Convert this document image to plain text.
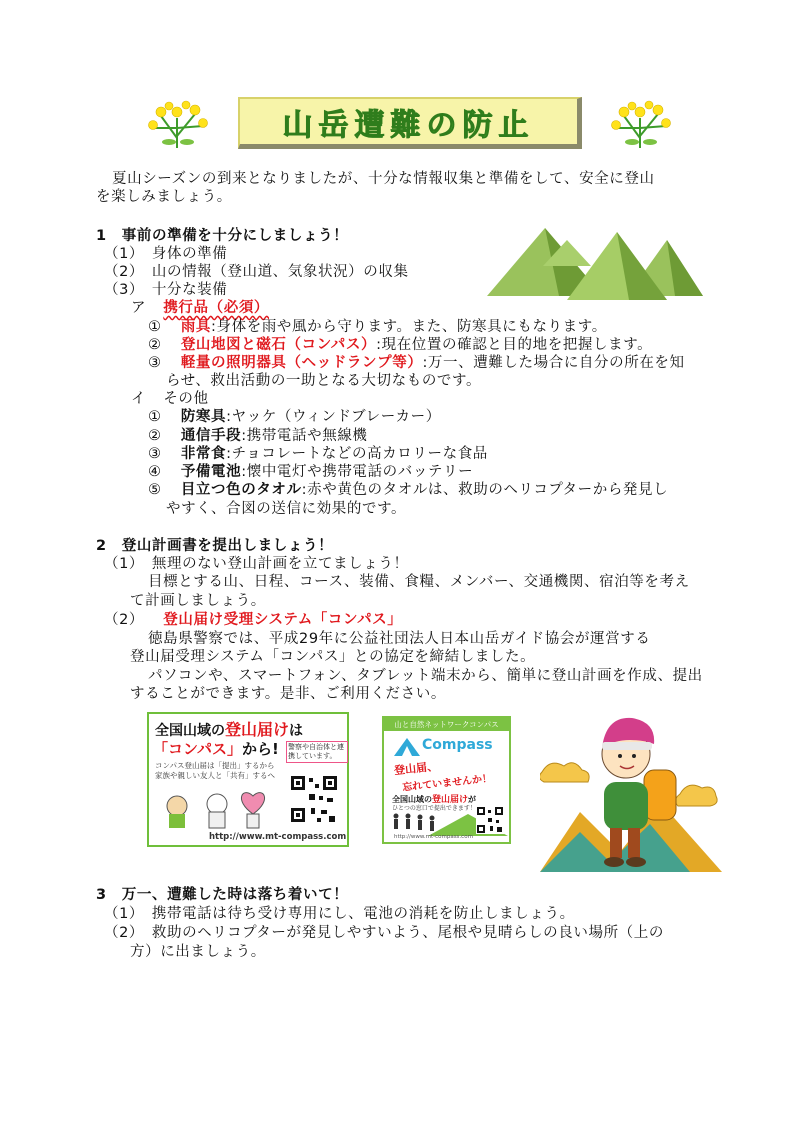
山岳遭難の防止
夏山シーズンの到来となりましたが、十分な情報収集と準備をして、安全に登山
を楽しみましょう。
1　事前の準備を十分にしましょう！
（1）　身体の準備
（2）　山の情報（登山道、気象状況）の収集
（3）　十分な装備
ア 携行品（必須）
① 雨具:身体を雨や風から守ります。また、防寒具にもなります。
② 登山地図と磁石（コンパス）:現在位置の確認と目的地を把握します。
③ 軽量の照明器具（ヘッドランプ等）:万一、遭難した場合に自分の所在を知
らせ、救出活動の一助となる大切なものです。
イ その他
① 防寒具:ヤッケ（ウィンドブレーカー）
② 通信手段:携帯電話や無線機
③ 非常食:チョコレートなどの高カロリーな食品
④ 予備電池:懐中電灯や携帯電話のバッテリー
⑤ 目立つ色のタオル:赤や黄色のタオルは、救助のヘリコプターから発見し
やすく、合図の送信に効果的です。
2　登山計画書を提出しましょう！
（1）　無理のない登山計画を立てましょう！
目標とする山、日程、コース、装備、食糧、メンバー、交通機関、宿泊等を考え
て計画しましょう。
（2） 登山届け受理システム「コンパス」
徳島県警察では、平成29年に公益社団法人日本山岳ガイド協会が運営する
登山届受理システム「コンパス」との協定を締結しました。
パソコンや、スマートフォン、タブレット端末から、簡単に登山計画を作成、提出
することができます。是非、ご利用ください。
全国山域の登山届けは
「コンパス」から! 警察や自治体と連携しています。
コンパス登山届は「提出」するから
家族や親しい友人と「共有」するへ
http://www.mt-compass.com
山と自然ネットワークコンパス
Compass
登山届、
忘れていませんか！
全国山域の登山届けが
ひとつの窓口で提出できます！
http://www.mt-compass.com
3　万一、遭難した時は落ち着いて！
（1）　携帯電話は待ち受け専用にし、電池の消耗を防止しましょう。
（2）　救助のヘリコプターが発見しやすいよう、尾根や見晴らしの良い場所（上の
方）に出ましょう。
